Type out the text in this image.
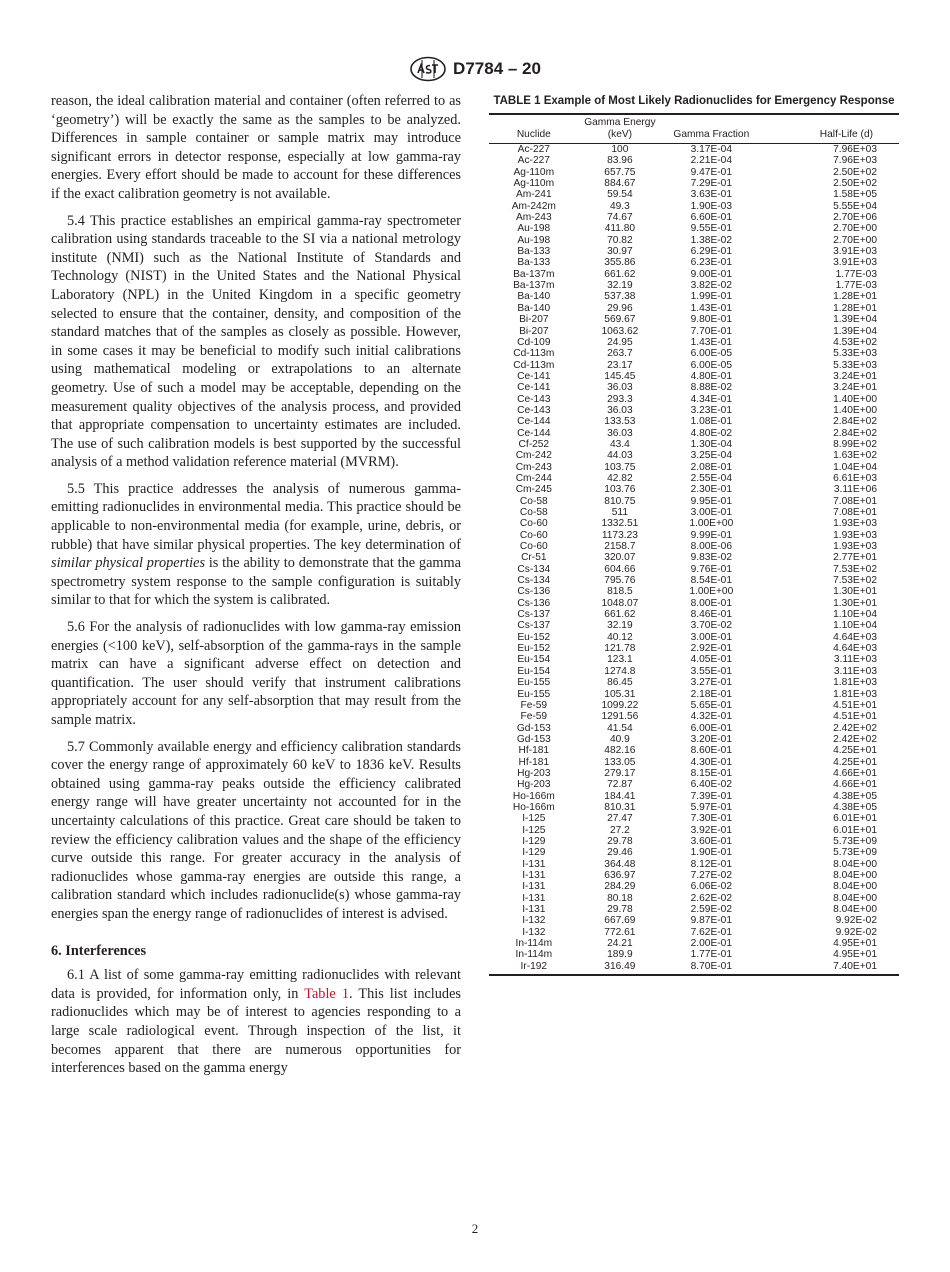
D7784 – 20

reason, the ideal calibration material and container (often referred to as ‘geometry’) will be exactly the same as the samples to be analyzed. Differences in sample container or sample matrix may introduce significant errors in detector response, especially at low gamma-ray energies. Every effort should be made to account for these differences if the exact calibration geometry is not available.

5.4 This practice establishes an empirical gamma-ray spectrometer calibration using standards traceable to the SI via a national metrology institute (NMI) such as the National Institute of Standards and Technology (NIST) in the United States and the National Physical Laboratory (NPL) in the United Kingdom in a specific geometry selected to ensure that the container, density, and composition of the standard matches that of the samples as closely as possible. However, in some cases it may be beneficial to modify such initial calibrations using mathematical modeling or extrapolations to an alternate geometry. Use of such a model may be acceptable, depending on the measurement quality objectives of the analysis process, and provided that appropriate compensation to uncertainty estimates are included. The use of such calibration models is best supported by the successful analysis of a method validation reference material (MVRM).

5.5 This practice addresses the analysis of numerous gamma-emitting radionuclides in environmental media. This practice should be applicable to non-environmental media (for example, urine, debris, or rubble) that have similar physical properties. The key determination of similar physical properties is the ability to demonstrate that the gamma spectrometry system response to the sample configuration is suitably similar to that for which the system is calibrated.

5.6 For the analysis of radionuclides with low gamma-ray emission energies (<100 keV), self-absorption of the gamma-rays in the sample matrix can have a significant adverse effect on detection and quantification. The user should verify that instrument calibrations appropriately account for any self-absorption that may result from the sample matrix.

5.7 Commonly available energy and efficiency calibration standards cover the energy range of approximately 60 keV to 1836 keV. Results obtained using gamma-ray peaks outside the efficiency calibrated energy range will have greater uncertainty not accounted for in the uncertainty calculations of this practice. Great care should be taken to review the efficiency calibration values and the shape of the efficiency curve outside this range. For greater accuracy in the analysis of radionuclides whose gamma-ray energies are outside this range, a calibration standard which includes radionuclide(s) whose gamma-ray energies span the energy range of radionuclides of interest is advised.

6. Interferences

6.1 A list of some gamma-ray emitting radionuclides with relevant data is provided, for information only, in Table 1. This list includes radionuclides which may be of interest to agencies responding to a large scale radiological event. Through inspection of the list, it becomes apparent that there are numerous opportunities for interferences based on the gamma energy

TABLE 1 Example of Most Likely Radionuclides for Emergency Response
Nuclide	Gamma Energy (keV)	Gamma Fraction	Half-Life (d)
Ac-227	100	3.17E-04	7.96E+03
Ac-227	83.96	2.21E-04	7.96E+03
Ag-110m	657.75	9.47E-01	2.50E+02
Ag-110m	884.67	7.29E-01	2.50E+02
Am-241	59.54	3.63E-01	1.58E+05
Am-242m	49.3	1.90E-03	5.55E+04
Am-243	74.67	6.60E-01	2.70E+06
Au-198	411.80	9.55E-01	2.70E+00
Au-198	70.82	1.38E-02	2.70E+00
Ba-133	30.97	6.29E-01	3.91E+03
Ba-133	355.86	6.23E-01	3.91E+03
Ba-137m	661.62	9.00E-01	1.77E-03
Ba-137m	32.19	3.82E-02	1.77E-03
Ba-140	537.38	1.99E-01	1.28E+01
Ba-140	29.96	1.43E-01	1.28E+01
Bi-207	569.67	9.80E-01	1.39E+04
Bi-207	1063.62	7.70E-01	1.39E+04
Cd-109	24.95	1.43E-01	4.53E+02
Cd-113m	263.7	6.00E-05	5.33E+03
Cd-113m	23.17	6.00E-05	5.33E+03
Ce-141	145.45	4.80E-01	3.24E+01
Ce-141	36.03	8.88E-02	3.24E+01
Ce-143	293.3	4.34E-01	1.40E+00
Ce-143	36.03	3.23E-01	1.40E+00
Ce-144	133.53	1.08E-01	2.84E+02
Ce-144	36.03	4.80E-02	2.84E+02
Cf-252	43.4	1.30E-04	8.99E+02
Cm-242	44.03	3.25E-04	1.63E+02
Cm-243	103.75	2.08E-01	1.04E+04
Cm-244	42.82	2.55E-04	6.61E+03
Cm-245	103.76	2.30E-01	3.11E+06
Co-58	810.75	9.95E-01	7.08E+01
Co-58	511	3.00E-01	7.08E+01
Co-60	1332.51	1.00E+00	1.93E+03
Co-60	1173.23	9.99E-01	1.93E+03
Co-60	2158.7	8.00E-06	1.93E+03
Cr-51	320.07	9.83E-02	2.77E+01
Cs-134	604.66	9.76E-01	7.53E+02
Cs-134	795.76	8.54E-01	7.53E+02
Cs-136	818.5	1.00E+00	1.30E+01
Cs-136	1048.07	8.00E-01	1.30E+01
Cs-137	661.62	8.46E-01	1.10E+04
Cs-137	32.19	3.70E-02	1.10E+04
Eu-152	40.12	3.00E-01	4.64E+03
Eu-152	121.78	2.92E-01	4.64E+03
Eu-154	123.1	4.05E-01	3.11E+03
Eu-154	1274.8	3.55E-01	3.11E+03
Eu-155	86.45	3.27E-01	1.81E+03
Eu-155	105.31	2.18E-01	1.81E+03
Fe-59	1099.22	5.65E-01	4.51E+01
Fe-59	1291.56	4.32E-01	4.51E+01
Gd-153	41.54	6.00E-01	2.42E+02
Gd-153	40.9	3.20E-01	2.42E+02
Hf-181	482.16	8.60E-01	4.25E+01
Hf-181	133.05	4.30E-01	4.25E+01
Hg-203	279.17	8.15E-01	4.66E+01
Hg-203	72.87	6.40E-02	4.66E+01
Ho-166m	184.41	7.39E-01	4.38E+05
Ho-166m	810.31	5.97E-01	4.38E+05
I-125	27.47	7.30E-01	6.01E+01
I-125	27.2	3.92E-01	6.01E+01
I-129	29.78	3.60E-01	5.73E+09
I-129	29.46	1.90E-01	5.73E+09
I-131	364.48	8.12E-01	8.04E+00
I-131	636.97	7.27E-02	8.04E+00
I-131	284.29	6.06E-02	8.04E+00
I-131	80.18	2.62E-02	8.04E+00
I-131	29.78	2.59E-02	8.04E+00
I-132	667.69	9.87E-01	9.92E-02
I-132	772.61	7.62E-01	9.92E-02
In-114m	24.21	2.00E-01	4.95E+01
In-114m	189.9	1.77E-01	4.95E+01
Ir-192	316.49	8.70E-01	7.40E+01
2
